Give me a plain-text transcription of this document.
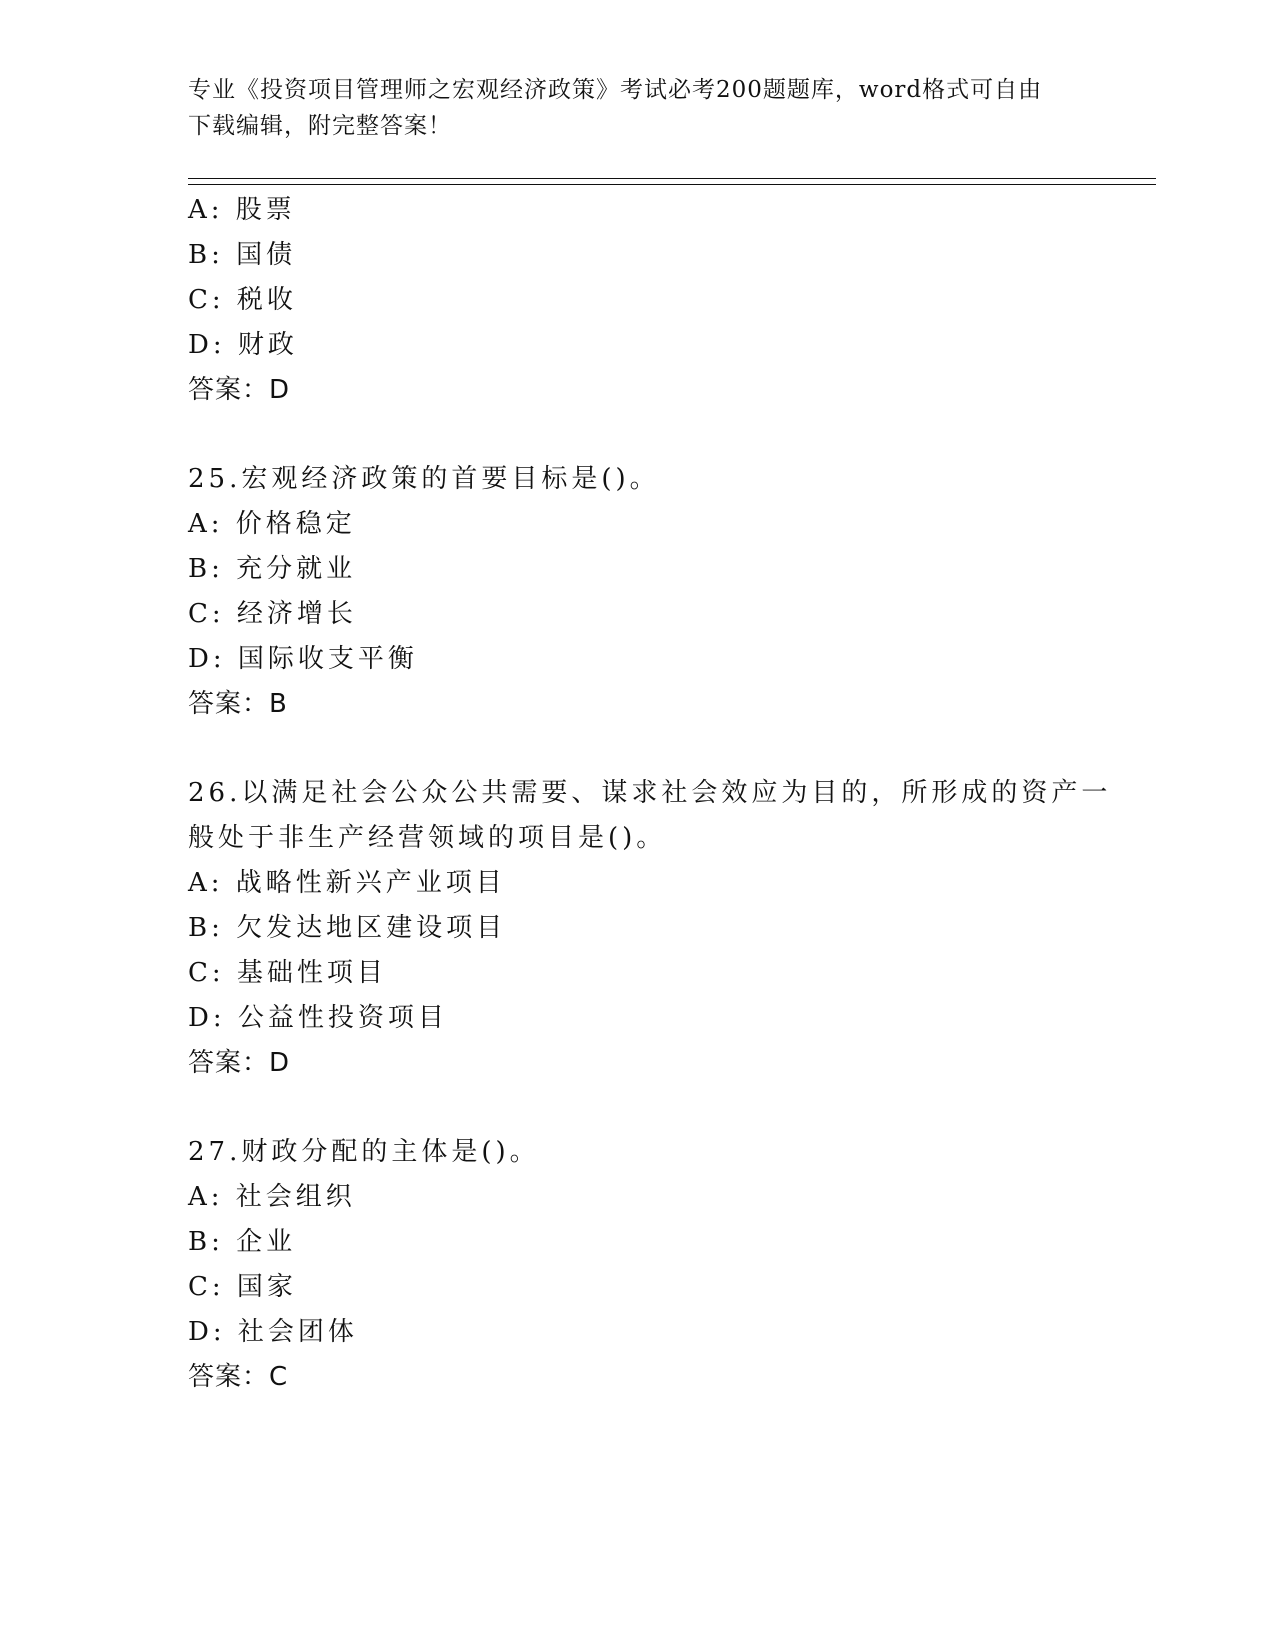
专业《投资项目管理师之宏观经济政策》考试必考200题题库，word格式可自由
下载编辑，附完整答案！
A: 股票
B: 国债
C: 税收
D: 财政
答案：D
25.宏观经济政策的首要目标是()。
A: 价格稳定
B: 充分就业
C: 经济增长
D: 国际收支平衡
答案：B
26.以满足社会公众公共需要、谋求社会效应为目的，所形成的资产一
般处于非生产经营领域的项目是()。
A: 战略性新兴产业项目
B: 欠发达地区建设项目
C: 基础性项目
D: 公益性投资项目
答案：D
27.财政分配的主体是()。
A: 社会组织
B: 企业
C: 国家
D: 社会团体
答案：C
